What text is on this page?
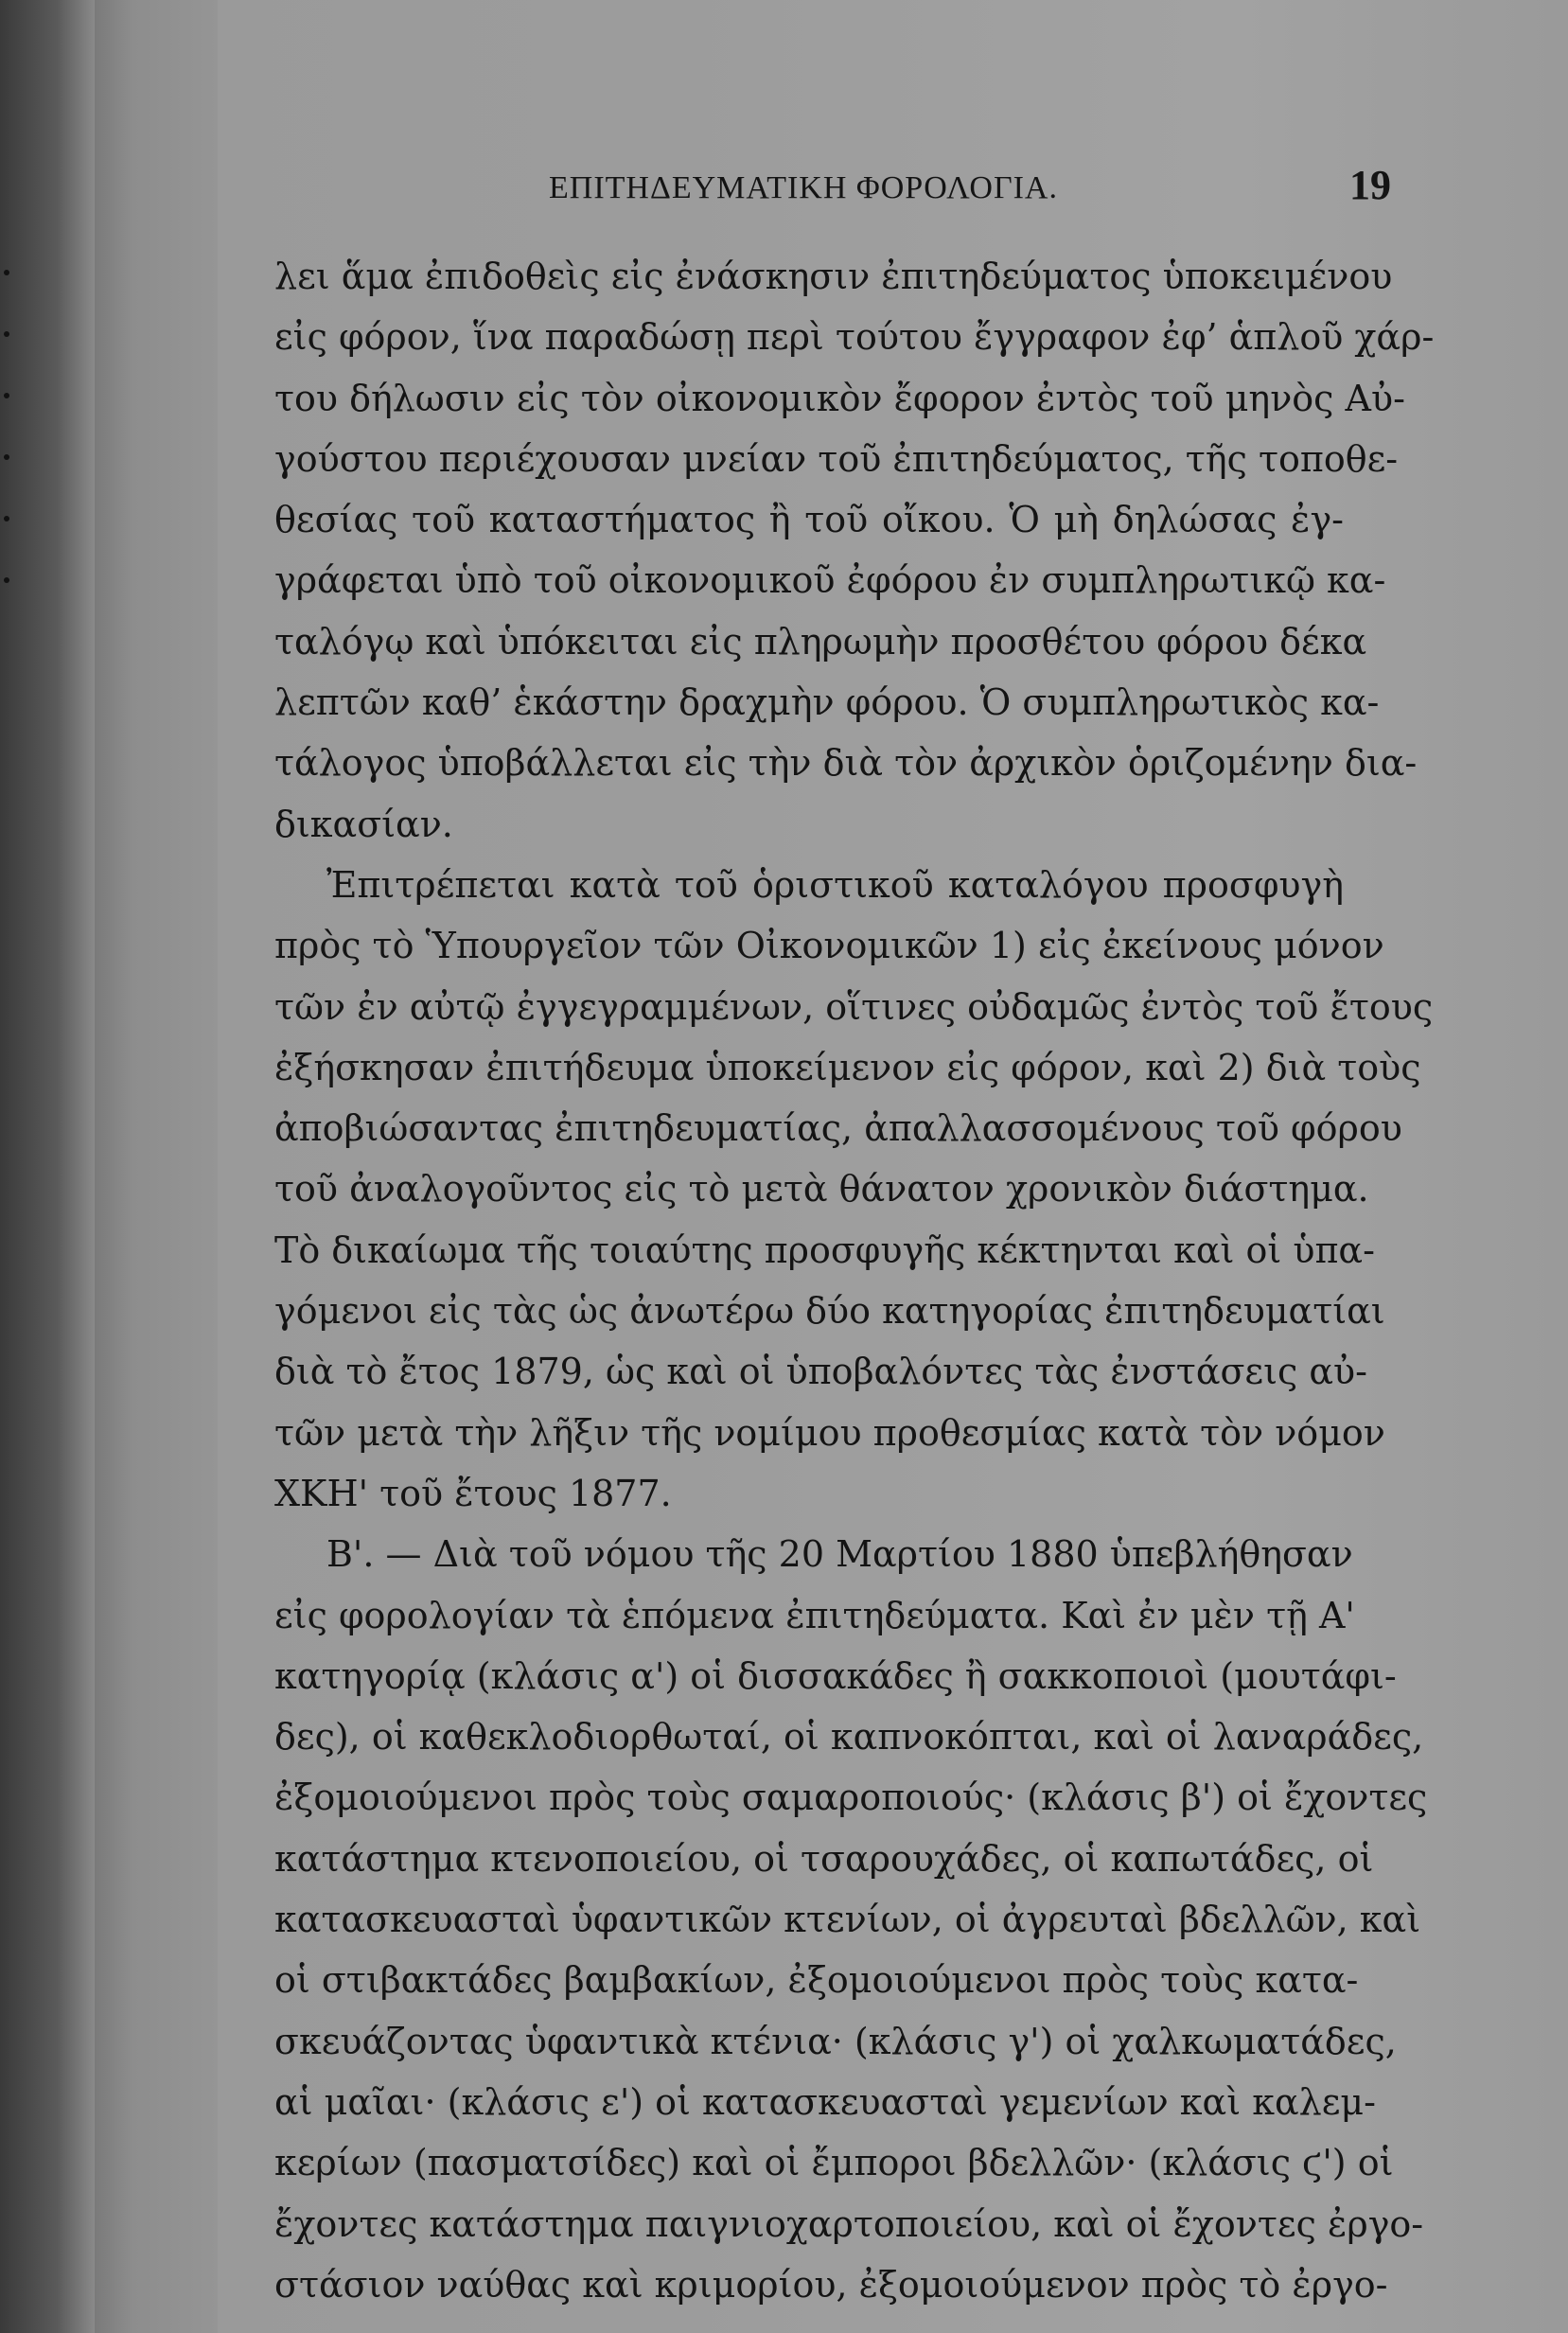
ΕΠΙΤΗΔΕΥΜΑΤΙΚΗ ΦΟΡΟΛΟΓΙΑ.	19
λει ἅμα ἐπιδοθεὶς εἰς ἐνάσκησιν ἐπιτηδεύματος ὑποκειμένου
εἰς φόρον, ἵνα παραδώσῃ περὶ τούτου ἔγγραφον ἐφ’ ἁπλοῦ χάρ-
του δήλωσιν εἰς τὸν οἰκονομικὸν ἔφορον ἐντὸς τοῦ μηνὸς Αὐ-
γούστου περιέχουσαν μνείαν τοῦ ἐπιτηδεύματος, τῆς τοποθε-
θεσίας τοῦ καταστήματος ἢ τοῦ οἴκου. Ὁ μὴ δηλώσας ἐγ-
γράφεται ὑπὸ τοῦ οἰκονομικοῦ ἐφόρου ἐν συμπληρωτικῷ κα-
ταλόγῳ καὶ ὑπόκειται εἰς πληρωμὴν προσθέτου φόρου δέκα
λεπτῶν καθ’ ἑκάστην δραχμὴν φόρου. Ὁ συμπληρωτικὸς κα-
τάλογος ὑποβάλλεται εἰς τὴν διὰ τὸν ἀρχικὸν ὁριζομένην δια-
δικασίαν.
Ἐπιτρέπεται κατὰ τοῦ ὁριστικοῦ καταλόγου προσφυγὴ
πρὸς τὸ Ὑπουργεῖον τῶν Οἰκονομικῶν 1) εἰς ἐκείνους μόνον
τῶν ἐν αὐτῷ ἐγγεγραμμένων, οἵτινες οὐδαμῶς ἐντὸς τοῦ ἔτους
ἐξήσκησαν ἐπιτήδευμα ὑποκείμενον εἰς φόρον, καὶ 2) διὰ τοὺς
ἀποβιώσαντας ἐπιτηδευματίας, ἀπαλλασσομένους τοῦ φόρου
τοῦ ἀναλογοῦντος εἰς τὸ μετὰ θάνατον χρονικὸν διάστημα.
Τὸ δικαίωμα τῆς τοιαύτης προσφυγῆς κέκτηνται καὶ οἱ ὑπα-
γόμενοι εἰς τὰς ὡς ἀνωτέρω δύο κατηγορίας ἐπιτηδευματίαι
διὰ τὸ ἔτος 1879, ὡς καὶ οἱ ὑποβαλόντες τὰς ἐνστάσεις αὐ-
τῶν μετὰ τὴν λῆξιν τῆς νομίμου προθεσμίας κατὰ τὸν νόμον
ΧΚΗ' τοῦ ἔτους 1877.
Β'. — Διὰ τοῦ νόμου τῆς 20 Μαρτίου 1880 ὑπεβλήθησαν
εἰς φορολογίαν τὰ ἑπόμενα ἐπιτηδεύματα. Καὶ ἐν μὲν τῇ Α'
κατηγορίᾳ (κλάσις α') οἱ δισσακάδες ἢ σακκοποιοὶ (μουτάφι-
δες), οἱ καθεκλοδιορθωταί, οἱ καπνοκόπται, καὶ οἱ λαναράδες,
ἐξομοιούμενοι πρὸς τοὺς σαμαροποιούς· (κλάσις β') οἱ ἔχοντες
κατάστημα κτενοποιείου, οἱ τσαρουχάδες, οἱ καπωτάδες, οἱ
κατασκευασταὶ ὑφαντικῶν κτενίων, οἱ ἀγρευταὶ βδελλῶν, καὶ
οἱ στιβακτάδες βαμβακίων, ἐξομοιούμενοι πρὸς τοὺς κατα-
σκευάζοντας ὑφαντικὰ κτένια· (κλάσις γ') οἱ χαλκωματάδες,
αἱ μαῖαι· (κλάσις ε') οἱ κατασκευασταὶ γεμενίων καὶ καλεμ-
κερίων (πασματσίδες) καὶ οἱ ἔμποροι βδελλῶν· (κλάσις ϛ') οἱ
ἔχοντες κατάστημα παιγνιοχαρτοποιείου, καὶ οἱ ἔχοντες ἐργο-
στάσιον ναύθας καὶ κριμορίου, ἐξομοιούμενον πρὸς τὸ ἐργο-
